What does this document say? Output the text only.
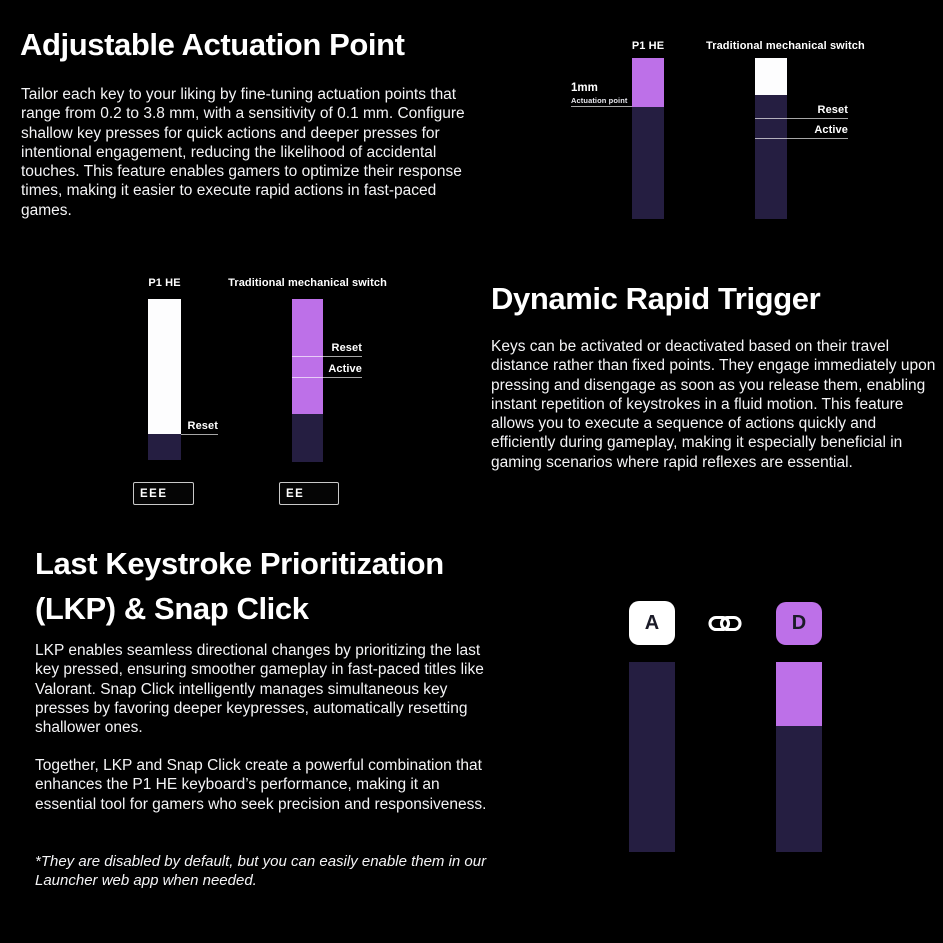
Adjustable Actuation Point

Tailor each key to your liking by fine-tuning actuation points that range from 0.2 to 3.8 mm, with a sensitivity of 0.1 mm. Configure shallow key presses for quick actions and deeper presses for intentional engagement, reducing the likelihood of accidental touches. This feature enables gamers to optimize their response times, making it easier to execute rapid actions in fast-paced games.

P1 HE	Traditional mechanical switch
1mm
Actuation point
Reset
Active
P1 HE	Traditional mechanical switch
Reset
Reset
Active
EEE
EE
Dynamic Rapid Trigger

Keys can be activated or deactivated based on their travel distance rather than fixed points. They engage immediately upon pressing and disengage as soon as you release them, enabling instant repetition of keystrokes in a fluid motion. This feature allows you to execute a sequence of actions quickly and efficiently during gameplay, making it especially beneficial in gaming scenarios where rapid reflexes are essential.

Last Keystroke Prioritization
(LKP) & Snap Click

LKP enables seamless directional changes by prioritizing the last key pressed, ensuring smoother gameplay in fast-paced titles like Valorant. Snap Click intelligently manages simultaneous key presses by favoring deeper keypresses, automatically resetting shallower ones.

Together, LKP and Snap Click create a powerful combination that enhances the P1 HE keyboard’s performance, making it an essential tool for gamers who seek precision and responsiveness.

*They are disabled by default, but you can easily enable them in our Launcher web app when needed.

A	D
